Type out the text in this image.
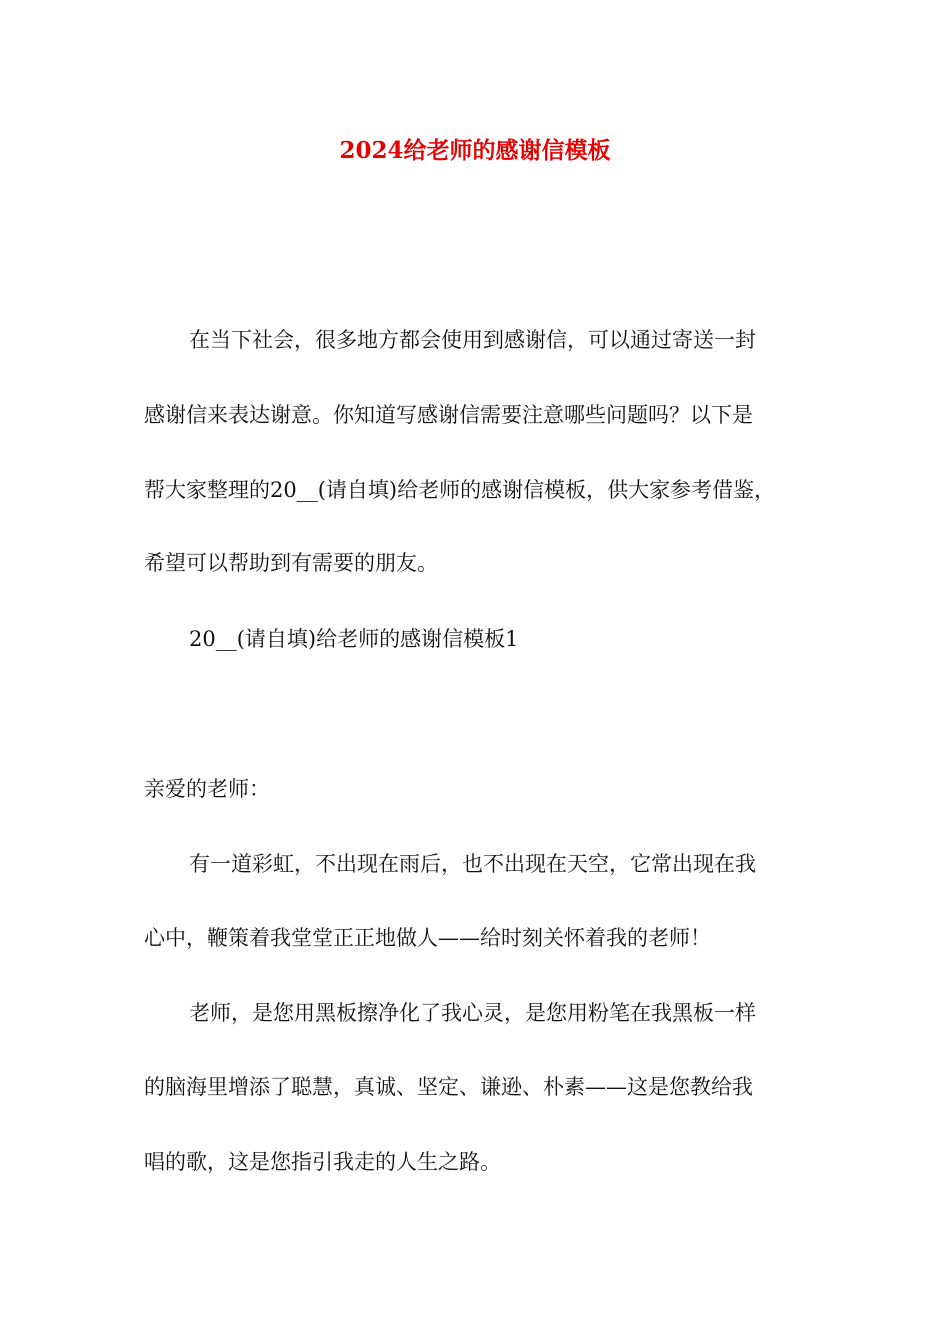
2024给老师的感谢信模板
在当下社会，很多地方都会使用到感谢信，可以通过寄送一封
感谢信来表达谢意。你知道写感谢信需要注意哪些问题吗？以下是
帮大家整理的20__(请自填)给老师的感谢信模板，供大家参考借鉴，
希望可以帮助到有需要的朋友。
20__(请自填)给老师的感谢信模板1
亲爱的老师：
有一道彩虹，不出现在雨后，也不出现在天空，它常出现在我
心中，鞭策着我堂堂正正地做人——给时刻关怀着我的老师！
老师，是您用黑板擦净化了我心灵，是您用粉笔在我黑板一样
的脑海里增添了聪慧，真诚、坚定、谦逊、朴素——这是您教给我
唱的歌，这是您指引我走的人生之路。
